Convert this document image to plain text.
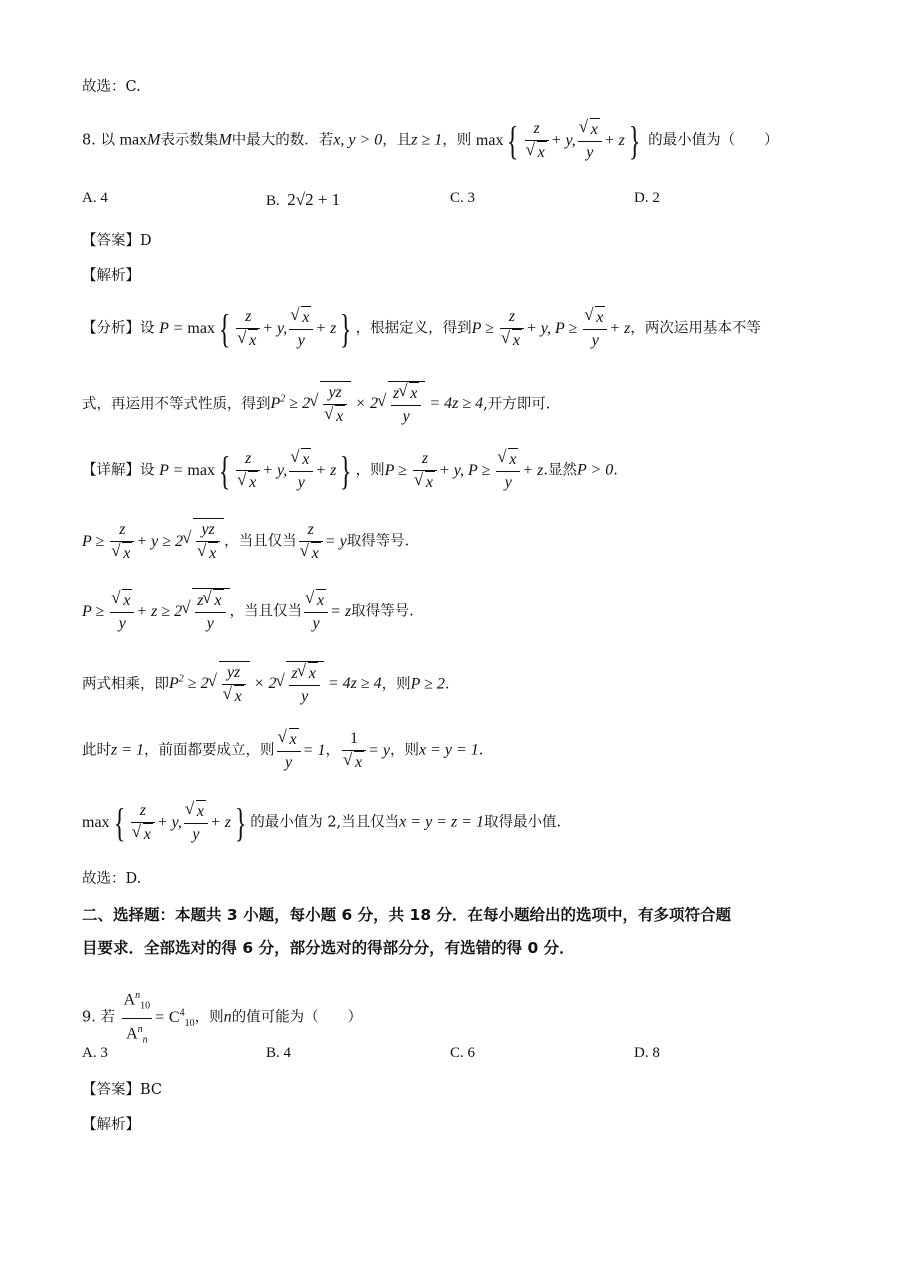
故选：C.
8. 以 maxM表示数集M中最大的数．若x, y > 0，且z ≥ 1，则 max{ z
√ x + y, √ $\frac{x}{y} + z$} 的最小值为（　　）
A. 4	B. 2√2 + 1	C. 3	D. 2
【答案】D
【解析】
【分析】设 P = max{ z
√ x + y, √ $\frac{x}{y} + z$} ，根据定义，得到P ≥ z
√ x + y, P ≥ √ $\frac{x}{y} + z$，两次运用基本不等
式，再运用不等式性质，得到$P^2 \ge 2$ √ yz
√ x × 2 √ $\frac{z √ x}{y} = 4z \ge 4$,开方即可.
【详解】设 P = max{ z
√ x + y, √ $\frac{x}{y} + z$} ，则P ≥ z
√ x + y, P ≥ √ $\frac{x}{y} + z$.显然P > 0.
P ≥ z
√ x + y ≥ 2 √ yz
√ x ，当且仅当 z
√ x = y取得等号.
P ≥ √ $\frac{x}{y} + z \ge 2$ √ $\frac{z √ x}{y}$ ，当且仅当 √ $\frac{x}{y} = z$取得等号.
两式相乘，即$P^2 \ge 2$ √ yz
√ x × 2 √ $\frac{z √ x}{y} = 4z \ge 4$，则P ≥ 2.
此时z = 1，前面都要成立，则 √ $\frac{x}{y} = 1$， 1
√ x = y，则x = y = 1.
max{ z
√ x + y, √ $\frac{x}{y} + z$} 的最小值为 2,当且仅当x = y = z = 1取得最小值.
故选：D.
二、选择题：本题共 3 小题，每小题 6 分，共 18 分．在每小题给出的选项中，有多项符合题
目要求．全部选对的得 6 分，部分选对的得部分分，有选错的得 0 分．
9. 若 $\frac{A^n_{10}}{A^n_n} = C^4_{10}$，则n的值可能为（　　）
A. 3	B. 4	C. 6	D. 8
【答案】BC
【解析】
